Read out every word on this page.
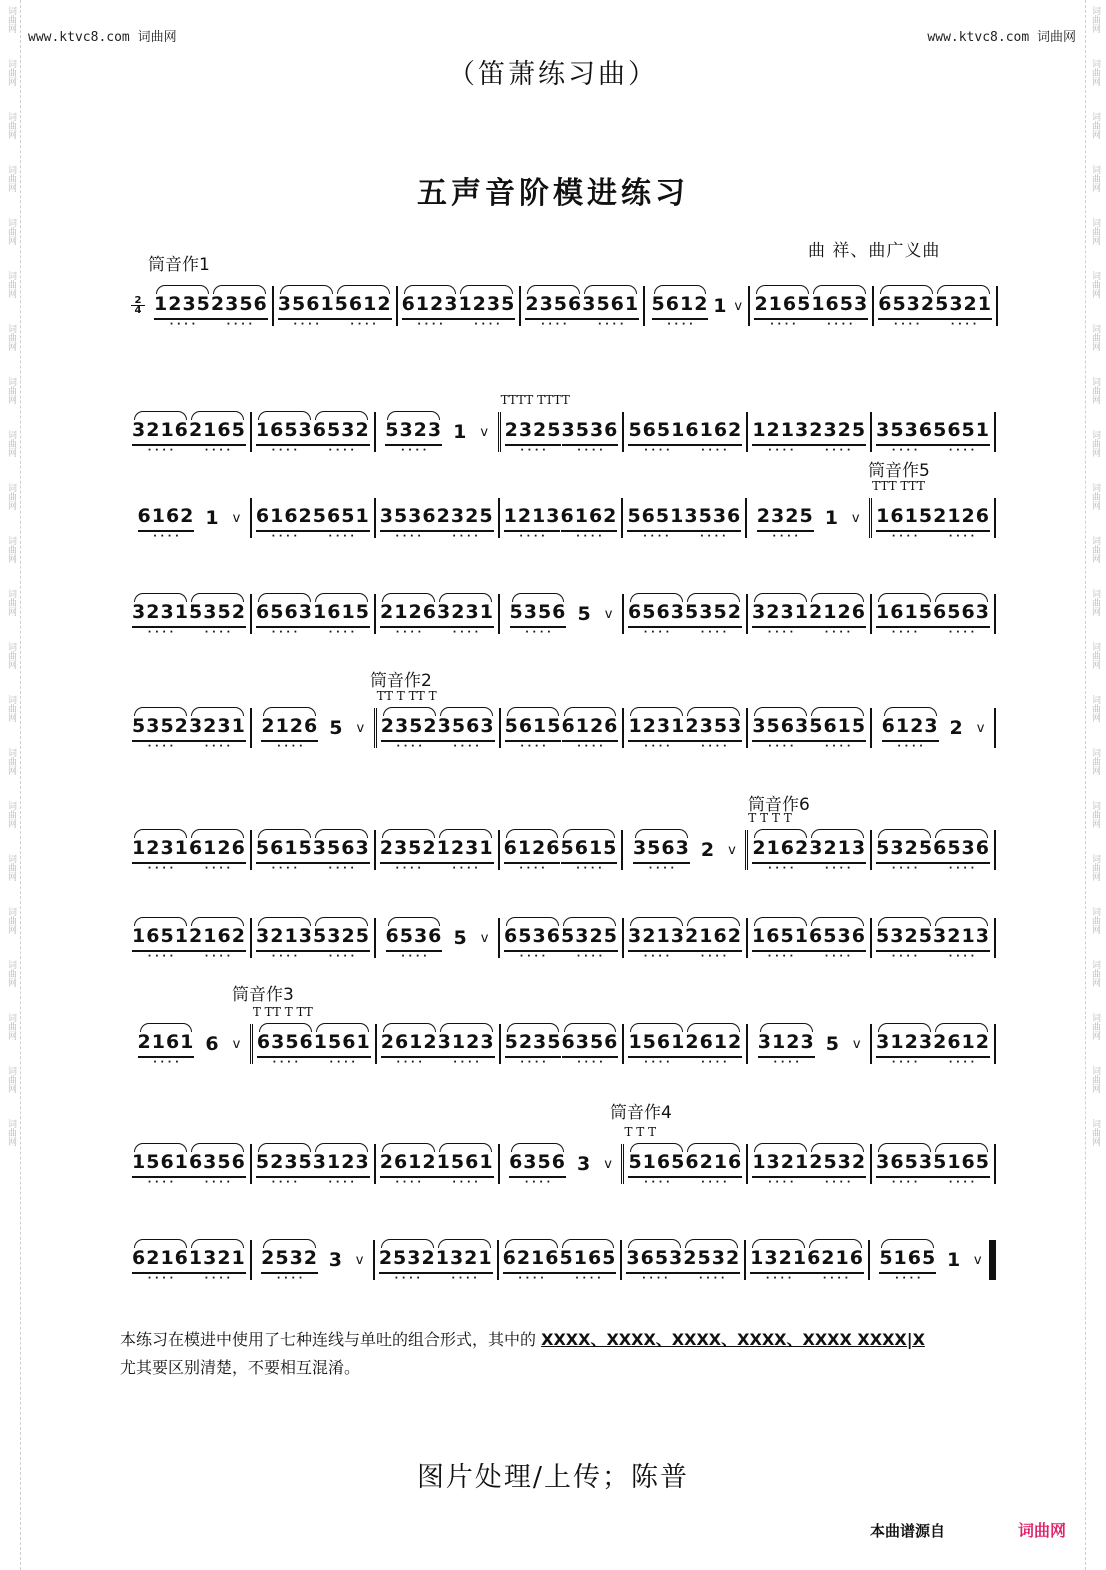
词曲网
词曲网
词曲网
词曲网
词曲网
词曲网
词曲网
词曲网
词曲网
词曲网
词曲网
词曲网
词曲网
词曲网
词曲网
词曲网
词曲网
词曲网
词曲网
词曲网
词曲网
词曲网
词曲网
词曲网
词曲网
词曲网
词曲网
词曲网
词曲网
词曲网
词曲网
词曲网
词曲网
词曲网
词曲网
词曲网
词曲网
词曲网
词曲网
词曲网
词曲网
词曲网
词曲网
词曲网
www.ktvc8.com 词曲网	www.ktvc8.com 词曲网
（笛萧练习曲）
五声音阶模进练习
曲 祥、曲广义曲
筒音作1
筒音作5
筒音作2
筒音作6
筒音作3
筒音作4
2
4 1235 · · · · 2356 · · · · 3561 · · · · 5612 · · · · 6123 · · · · 1235 · · · · 2356 · · · · 3561 · · · · 5612 · · · · 1 v 2165 · · · · 1653 · · · · 6532 · · · · 5321 · · · ·
3216 · · · · 2165 · · · · 1653 · · · · 6532 · · · · 5323 · · · · 1 v
TTTT TTTT
2325 · · · · 3536 · · · · 5651 · · · · 6162 · · · · 1213 · · · · 2325 · · · · 3536 · · · · 5651 · · · ·
6162 · · · · 1 v 6162 · · · · 5651 · · · · 3536 · · · · 2325 · · · · 1213 · · · · 6162 · · · · 5651 · · · · 3536 · · · · 2325 · · · · 1 v
TTT TTT
1615 · · · · 2126 · · · ·
3231 · · · · 5352 · · · · 6563 · · · · 1615 · · · · 2126 · · · · 3231 · · · · 5356 · · · · 5 v 6563 · · · · 5352 · · · · 3231 · · · · 2126 · · · · 1615 · · · · 6563 · · · ·
5352 · · · · 3231 · · · · 2126 · · · · 5 v
TT T TT T
2352 · · · · 3563 · · · · 5615 · · · · 6126 · · · · 1231 · · · · 2353 · · · · 3563 · · · · 5615 · · · · 6123 · · · · 2 v
1231 · · · · 6126 · · · · 5615 · · · · 3563 · · · · 2352 · · · · 1231 · · · · 6126 · · · · 5615 · · · · 3563 · · · · 2 v
T T T T
2162 · · · · 3213 · · · · 5325 · · · · 6536 · · · ·
1651 · · · · 2162 · · · · 3213 · · · · 5325 · · · · 6536 · · · · 5 v 6536 · · · · 5325 · · · · 3213 · · · · 2162 · · · · 1651 · · · · 6536 · · · · 5325 · · · · 3213 · · · ·
2161 · · · · 6 v
T TT T TT
6356 · · · · 1561 · · · · 2612 · · · · 3123 · · · · 5235 · · · · 6356 · · · · 1561 · · · · 2612 · · · · 3123 · · · · 5 v 3123 · · · · 2612 · · · ·
1561 · · · · 6356 · · · · 5235 · · · · 3123 · · · · 2612 · · · · 1561 · · · · 6356 · · · · 3 v
T T T
5165 · · · · 6216 · · · · 1321 · · · · 2532 · · · · 3653 · · · · 5165 · · · ·
6216 · · · · 1321 · · · · 2532 · · · · 3 v 2532 · · · · 1321 · · · · 6216 · · · · 5165 · · · · 3653 · · · · 2532 · · · · 1321 · · · · 6216 · · · · 5165 · · · · 1 v
本练习在模进中使用了七种连线与单吐的组合形式，其中的 XXXX、XXXX、XXXX、XXXX、XXXX XXXX|X
尤其要区别清楚，不要相互混淆。
图片处理/上传；陈普
本曲谱源自	词曲网
